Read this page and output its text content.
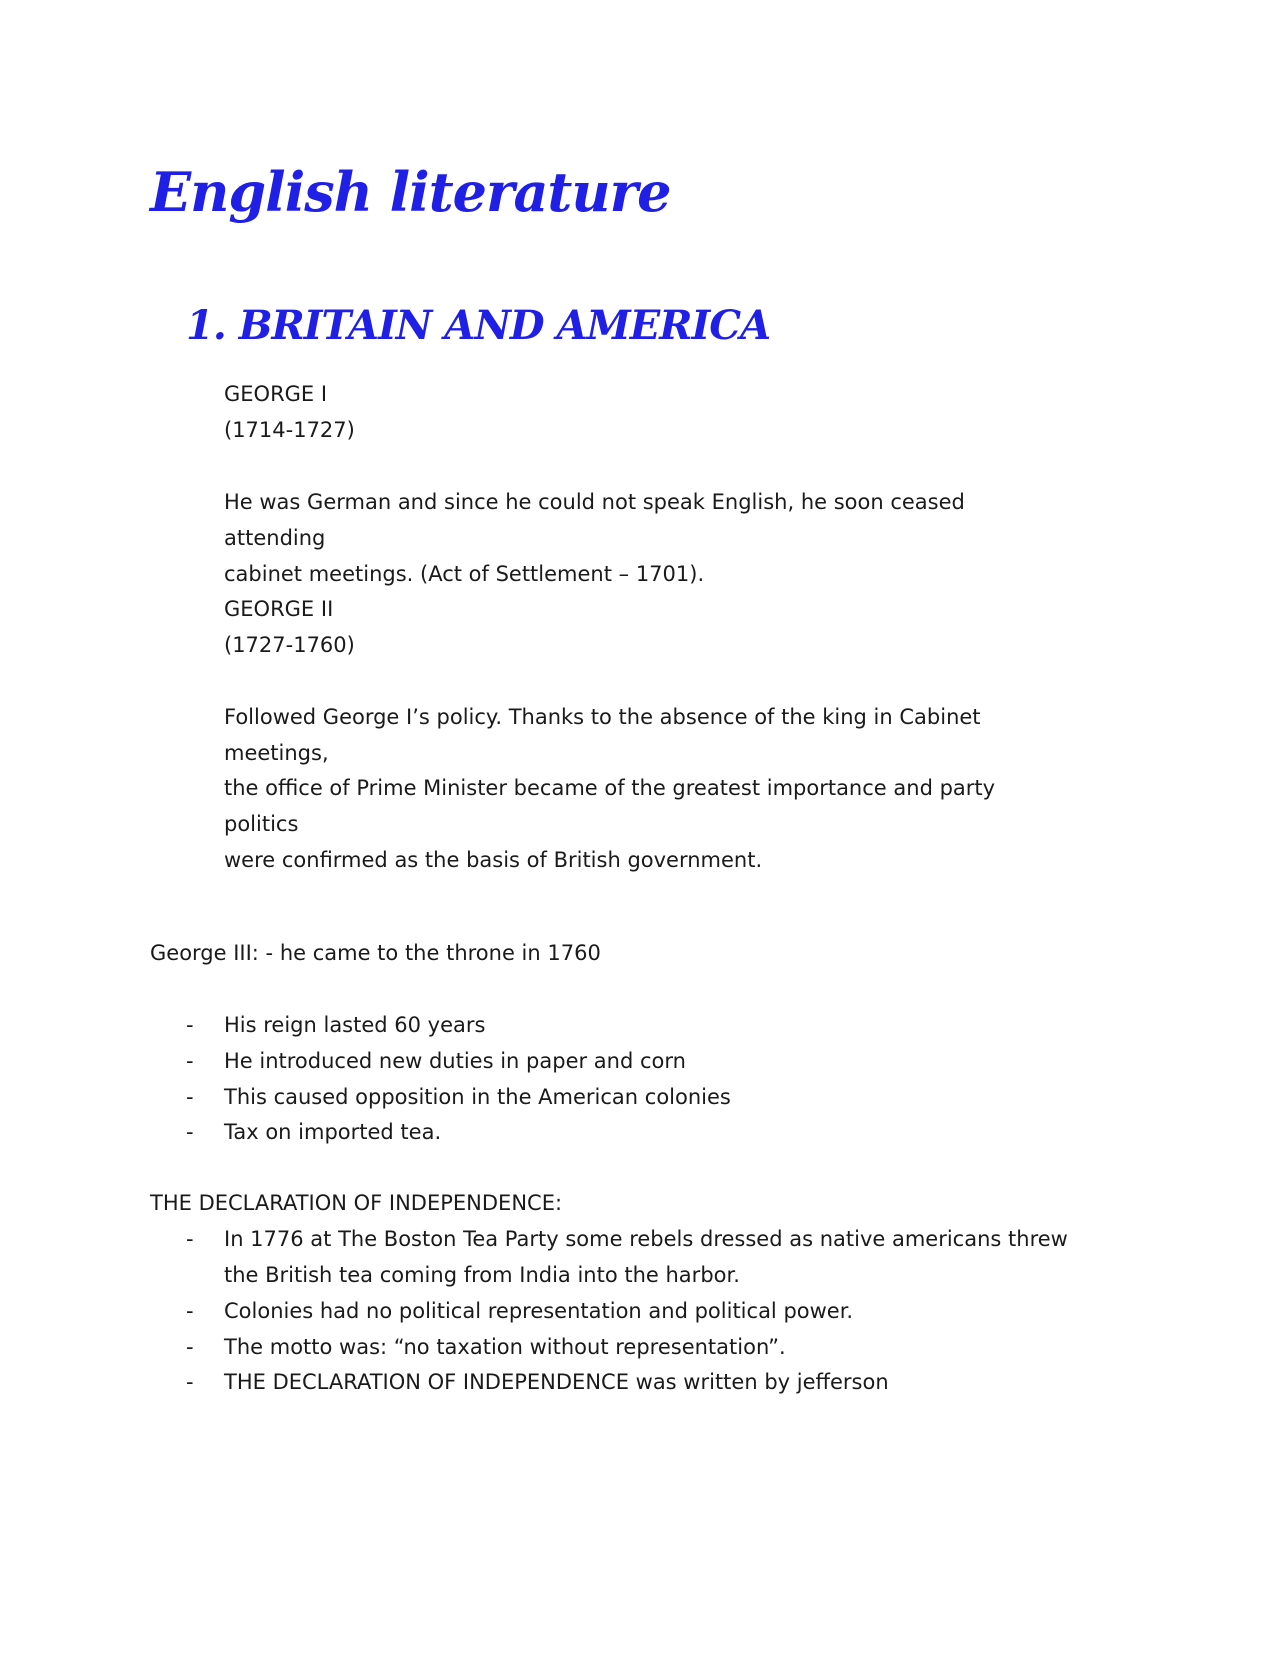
English literature
1. BRITAIN AND AMERICA

GEORGE I

(1714-1727)

He was German and since he could not speak English, he soon ceased

attending

cabinet meetings. (Act of Settlement – 1701).

GEORGE II

(1727-1760)

Followed George I’s policy. Thanks to the absence of the king in Cabinet

meetings,

the office of Prime Minister became of the greatest importance and party

politics

were confirmed as the basis of British government.

George III: - he came to the throne in 1760

- His reign lasted 60 years

- He introduced new duties in paper and corn

- This caused opposition in the American colonies

- Tax on imported tea.

THE DECLARATION OF INDEPENDENCE:

- In 1776 at The Boston Tea Party some rebels dressed as native americans threw

the British tea coming from India into the harbor.

- Colonies had no political representation and political power.

- The motto was: “no taxation without representation”.

- THE DECLARATION OF INDEPENDENCE was written by jefferson
